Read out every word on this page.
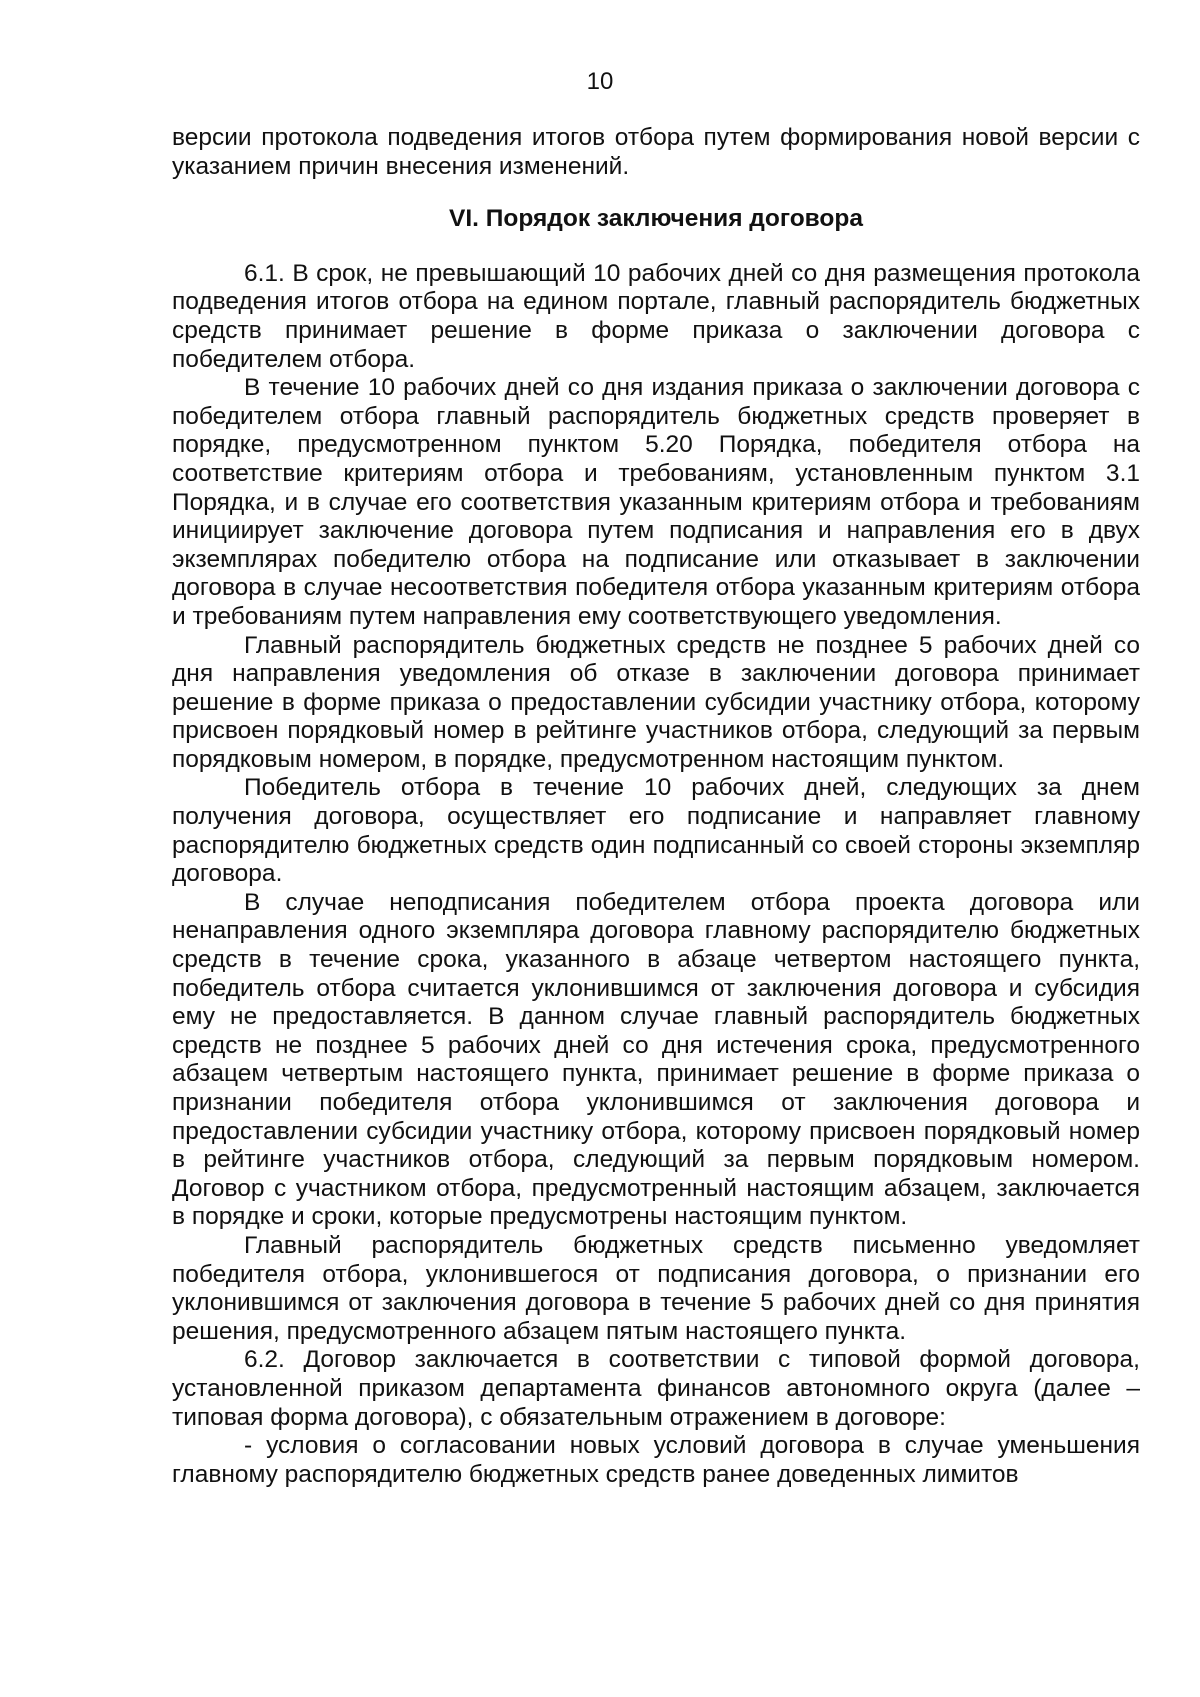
10

версии протокола подведения итогов отбора путем формирования новой версии с указанием причин внесения изменений.

VI. Порядок заключения договора

6.1. В срок, не превышающий 10 рабочих дней со дня размещения протокола подведения итогов отбора на едином портале, главный распорядитель бюджетных средств принимает решение в форме приказа о заключении договора с победителем отбора.

В течение 10 рабочих дней со дня издания приказа о заключении договора с победителем отбора главный распорядитель бюджетных средств проверяет в порядке, предусмотренном пунктом 5.20 Порядка, победителя отбора на соответствие критериям отбора и требованиям, установленным пунктом 3.1 Порядка, и в случае его соответствия указанным критериям отбора и требованиям инициирует заключение договора путем подписания и направления его в двух экземплярах победителю отбора на подписание или отказывает в заключении договора в случае несоответствия победителя отбора указанным критериям отбора и требованиям путем направления ему соответствующего уведомления.

Главный распорядитель бюджетных средств не позднее 5 рабочих дней со дня направления уведомления об отказе в заключении договора принимает решение в форме приказа о предоставлении субсидии участнику отбора, которому присвоен порядковый номер в рейтинге участников отбора, следующий за первым порядковым номером, в порядке, предусмотренном настоящим пунктом.

Победитель отбора в течение 10 рабочих дней, следующих за днем получения договора, осуществляет его подписание и направляет главному распорядителю бюджетных средств один подписанный со своей стороны экземпляр договора.

В случае неподписания победителем отбора проекта договора или ненаправления одного экземпляра договора главному распорядителю бюджетных средств в течение срока, указанного в абзаце четвертом настоящего пункта, победитель отбора считается уклонившимся от заключения договора и субсидия ему не предоставляется. В данном случае главный распорядитель бюджетных средств не позднее 5 рабочих дней со дня истечения срока, предусмотренного абзацем четвертым настоящего пункта, принимает решение в форме приказа о признании победителя отбора уклонившимся от заключения договора и предоставлении субсидии участнику отбора, которому присвоен порядковый номер в рейтинге участников отбора, следующий за первым порядковым номером. Договор с участником отбора, предусмотренный настоящим абзацем, заключается в порядке и сроки, которые предусмотрены настоящим пунктом.

Главный распорядитель бюджетных средств письменно уведомляет победителя отбора, уклонившегося от подписания договора, о признании его уклонившимся от заключения договора в течение 5 рабочих дней со дня принятия решения, предусмотренного абзацем пятым настоящего пункта.

6.2. Договор заключается в соответствии с типовой формой договора, установленной приказом департамента финансов автономного округа (далее – типовая форма договора), с обязательным отражением в договоре:

- условия о согласовании новых условий договора в случае уменьшения главному распорядителю бюджетных средств ранее доведенных лимитов
